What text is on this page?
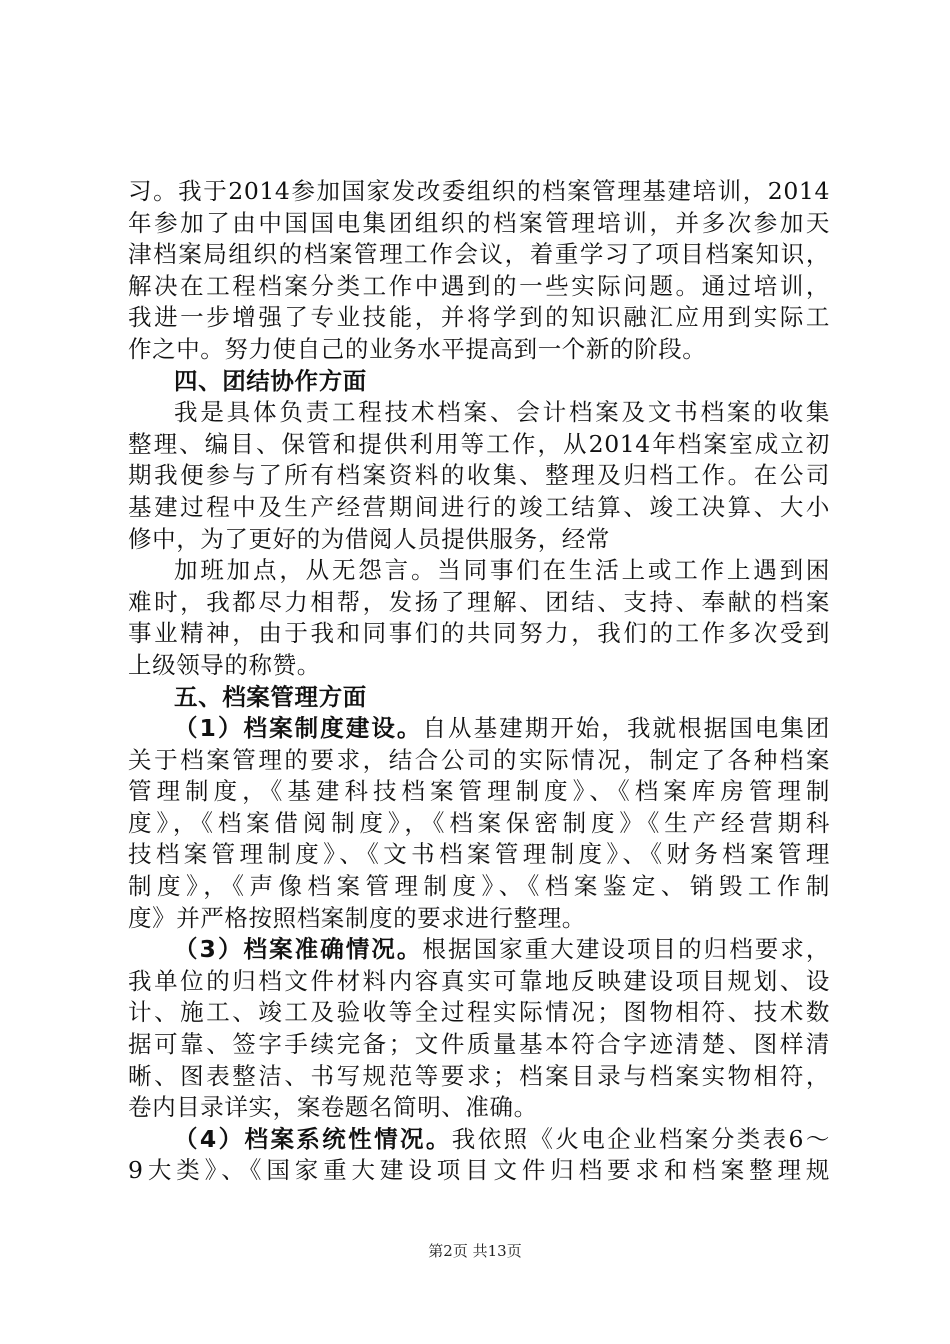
习。我于2014参加国家发改委组织的档案管理基建培训，2014
年参加了由中国国电集团组织的档案管理培训，并多次参加天
津档案局组织的档案管理工作会议，着重学习了项目档案知识，
解决在工程档案分类工作中遇到的一些实际问题。通过培训，
我进一步增强了专业技能，并将学到的知识融汇应用到实际工
作之中。努力使自己的业务水平提高到一个新的阶段。
四、团结协作方面
我是具体负责工程技术档案、会计档案及文书档案的收集
整理、编目、保管和提供利用等工作，从2014年档案室成立初
期我便参与了所有档案资料的收集、整理及归档工作。在公司
基建过程中及生产经营期间进行的竣工结算、竣工决算、大小
修中，为了更好的为借阅人员提供服务，经常
加班加点，从无怨言。当同事们在生活上或工作上遇到困
难时，我都尽力相帮，发扬了理解、团结、支持、奉献的档案
事业精神，由于我和同事们的共同努力，我们的工作多次受到
上级领导的称赞。
五、档案管理方面
（1）档案制度建设。自从基建期开始，我就根据国电集团
关于档案管理的要求，结合公司的实际情况，制定了各种档案
管理制度，《基建科技档案管理制度》、《档案库房管理制
度》，《档案借阅制度》，《档案保密制度》《生产经营期科
技档案管理制度》、《文书档案管理制度》、《财务档案管理
制度》，《声像档案管理制度》、《档案鉴定、销毁工作制
度》并严格按照档案制度的要求进行整理。
（3）档案准确情况。根据国家重大建设项目的归档要求，
我单位的归档文件材料内容真实可靠地反映建设项目规划、设
计、施工、竣工及验收等全过程实际情况；图物相符、技术数
据可靠、签字手续完备；文件质量基本符合字迹清楚、图样清
晰、图表整洁、书写规范等要求；档案目录与档案实物相符，
卷内目录详实，案卷题名简明、准确。
（4）档案系统性情况。我依照《火电企业档案分类表6～
9大类》、《国家重大建设项目文件归档要求和档案整理规
第2页 共13页
